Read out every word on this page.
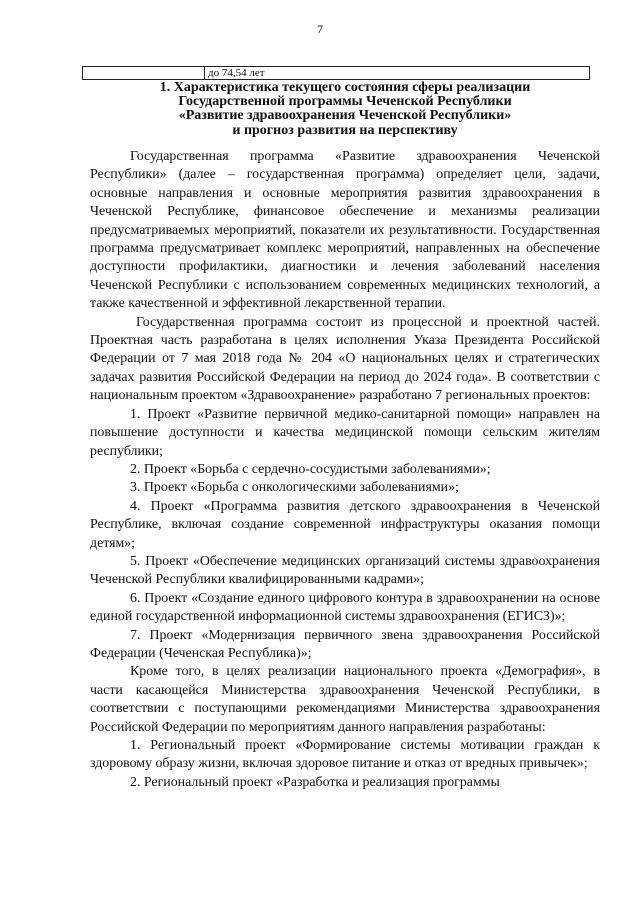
7
	до 74,54 лет
1. Характеристика текущего состояния сферы реализации
Государственной программы Чеченской Республики
«Развитие здравоохранения Чеченской Республики»
и прогноз развития на перспективу

Государственная программа «Развитие здравоохранения Чеченской Республики» (далее – государственная программа) определяет цели, задачи, основные направления и основные мероприятия развития здравоохранения в Чеченской Республике, финансовое обеспечение и механизмы реализации предусматриваемых мероприятий, показатели их результативности. Государственная программа предусматривает комплекс мероприятий, направленных на обеспечение доступности профилактики, диагностики и лечения заболеваний населения Чеченской Республики с использованием современных медицинских технологий, а также качественной и эффективной лекарственной терапии.

Государственная программа состоит из процессной и проектной частей. Проектная часть разработана в целях исполнения Указа Президента Российской Федерации от 7 мая 2018 года № 204 «О национальных целях и стратегических задачах развития Российской Федерации на период до 2024 года». В соответствии с национальным проектом «Здравоохранение» разработано 7 региональных проектов:

1. Проект «Развитие первичной медико-санитарной помощи» направлен на повышение доступности и качества медицинской помощи сельским жителям республики;

2. Проект «Борьба с сердечно-сосудистыми заболеваниями»;

3. Проект «Борьба с онкологическими заболеваниями»;

4. Проект «Программа развития детского здравоохранения в Чеченской Республике, включая создание современной инфраструктуры оказания помощи детям»;

5. Проект «Обеспечение медицинских организаций системы здравоохранения Чеченской Республики квалифицированными кадрами»;

6. Проект «Создание единого цифрового контура в здравоохранении на основе единой государственной информационной системы здравоохранения (ЕГИСЗ)»;

7. Проект «Модернизация первичного звена здравоохранения Российской Федерации (Чеченская Республика)»;

Кроме того, в целях реализации национального проекта «Демография», в части касающейся Министерства здравоохранения Чеченской Республики, в соответствии с поступающими рекомендациями Министерства здравоохранения Российской Федерации по мероприятиям данного направления разработаны:

1. Региональный проект «Формирование системы мотивации граждан к здоровому образу жизни, включая здоровое питание и отказ от вредных привычек»;

2. Региональный проект «Разработка и реализация программы
